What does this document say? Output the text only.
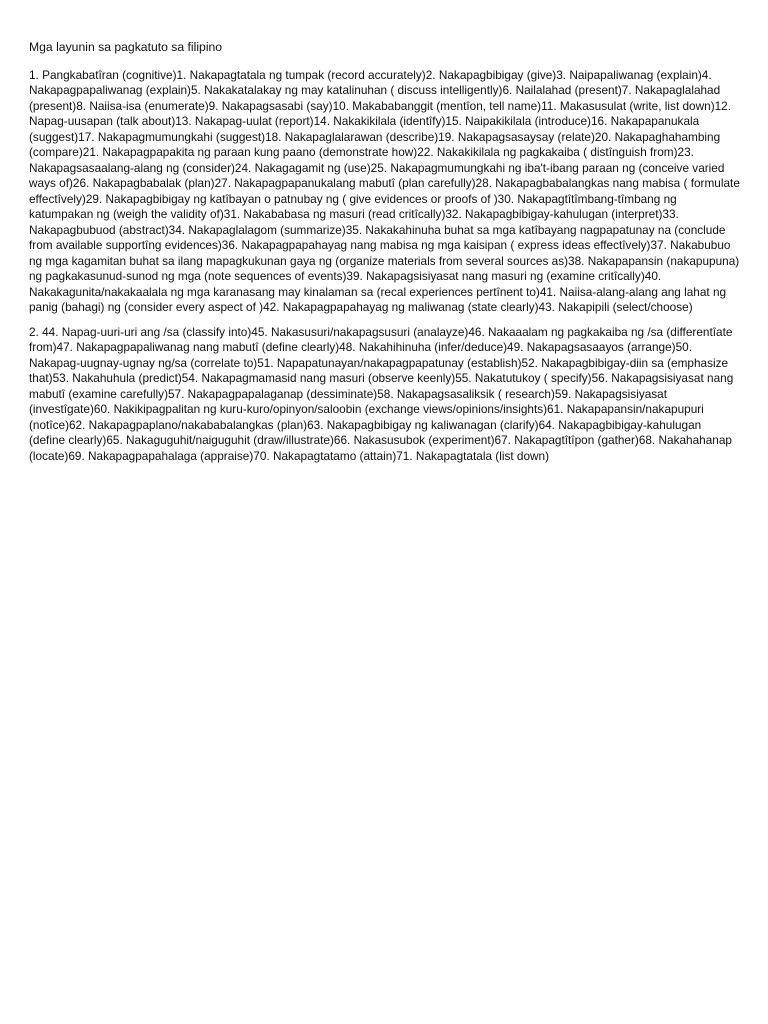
Mga layunin sa pagkatuto sa filipino

1. Pangkabatîran (cognitive)1. Nakapagtatala ng tumpak (record accurately)2. Nakapagbibigay (give)3. Naipapaliwanag (explain)4. Nakapagpapaliwanag (explain)5. Nakakatalakay ng may katalinuhan ( discuss intelligently)6. Nailalahad (present)7. Nakapaglalahad (present)8. Naiisa-isa (enumerate)9. Nakapagsasabi (say)10. Makababanggit (mentîon, tell name)11. Makasusulat (write, list down)12. Napag-uusapan (talk about)13. Nakapag-uulat (report)14. Nakakikilala (identîfy)15. Naipakikilala (introduce)16. Nakapapanukala (suggest)17. Nakapagmumungkahi (suggest)18. Nakapaglalarawan (describe)19. Nakapagsasaysay (relate)20. Nakapaghahambing (compare)21. Nakapagpapakita ng paraan kung paano (demonstrate how)22. Nakakikilala ng pagkakaiba ( distînguish from)23. Nakapagsasaalang-alang ng (consider)24. Nakagagamit ng (use)25. Nakapagmumungkahi ng iba't-ibang paraan ng (conceive varied ways of)26. Nakapagbabalak (plan)27. Nakapagpapanukalang mabutî (plan carefully)28. Nakapagbabalangkas nang mabisa ( formulate effectîvely)29. Nakapagbibigay ng katîbayan o patnubay ng ( give evidences or proofs of )30. Nakapagtîtîmbang-tîmbang ng katumpakan ng (weigh the validity of)31. Nakababasa ng masuri (read critîcally)32. Nakapagbibigay-kahulugan (interpret)33. Nakapagbubuod (abstract)34. Nakapaglalagom (summarize)35. Nakakahinuha buhat sa mga katîbayang nagpapatunay na (conclude from available supportîng evidences)36. Nakapagpapahayag nang mabisa ng mga kaisipan ( express ideas effectîvely)37. Nakabubuo ng mga kagamitan buhat sa ilang mapagkukunan gaya ng (organize materials from several sources as)38. Nakapapansin (nakapupuna) ng pagkakasunud-sunod ng mga (note sequences of events)39. Nakapagsisiyasat nang masuri ng (examine critîcally)40. Nakakagunita/nakakaalala ng mga karanasang may kinalaman sa (recal experiences pertînent to)41. Naiisa-alang-alang ang lahat ng panig (bahagi) ng (consider every aspect of )42. Nakapagpapahayag ng maliwanag (state clearly)43. Nakapipili (select/choose)

2. 44. Napag-uuri-uri ang /sa (classify into)45. Nakasusuri/nakapagsusuri (analayze)46. Nakaaalam ng pagkakaiba ng /sa (differentîate from)47. Nakapagpapaliwanag nang mabutî (define clearly)48. Nakahihinuha (infer/deduce)49. Nakapagsasaayos (arrange)50. Nakapag-uugnay-ugnay ng/sa (correlate to)51. Napapatunayan/nakapagpapatunay (establish)52. Nakapagbibigay-diin sa (emphasize that)53. Nakahuhula (predict)54. Nakapagmamasid nang masuri (observe keenly)55. Nakatutukoy ( specify)56. Nakapagsisiyasat nang mabutî (examine carefully)57. Nakapagpapalaganap (dessiminate)58. Nakapagsasaliksik ( research)59. Nakapagsisiyasat (investîgate)60. Nakikipagpalitan ng kuru-kuro/opinyon/saloobin (exchange views/opinions/insights)61. Nakapapansin/nakapupuri (notîce)62. Nakapagpaplano/nakababalangkas (plan)63. Nakapagbibigay ng kaliwanagan (clarify)64. Nakapagbibigay-kahulugan (define clearly)65. Nakaguguhit/naiguguhit (draw/illustrate)66. Nakasusubok (experiment)67. Nakapagtîtîpon (gather)68. Nakahahanap (locate)69. Nakapagpapahalaga (appraise)70. Nakapagtatamo (attain)71. Nakapagtatala (list down)
